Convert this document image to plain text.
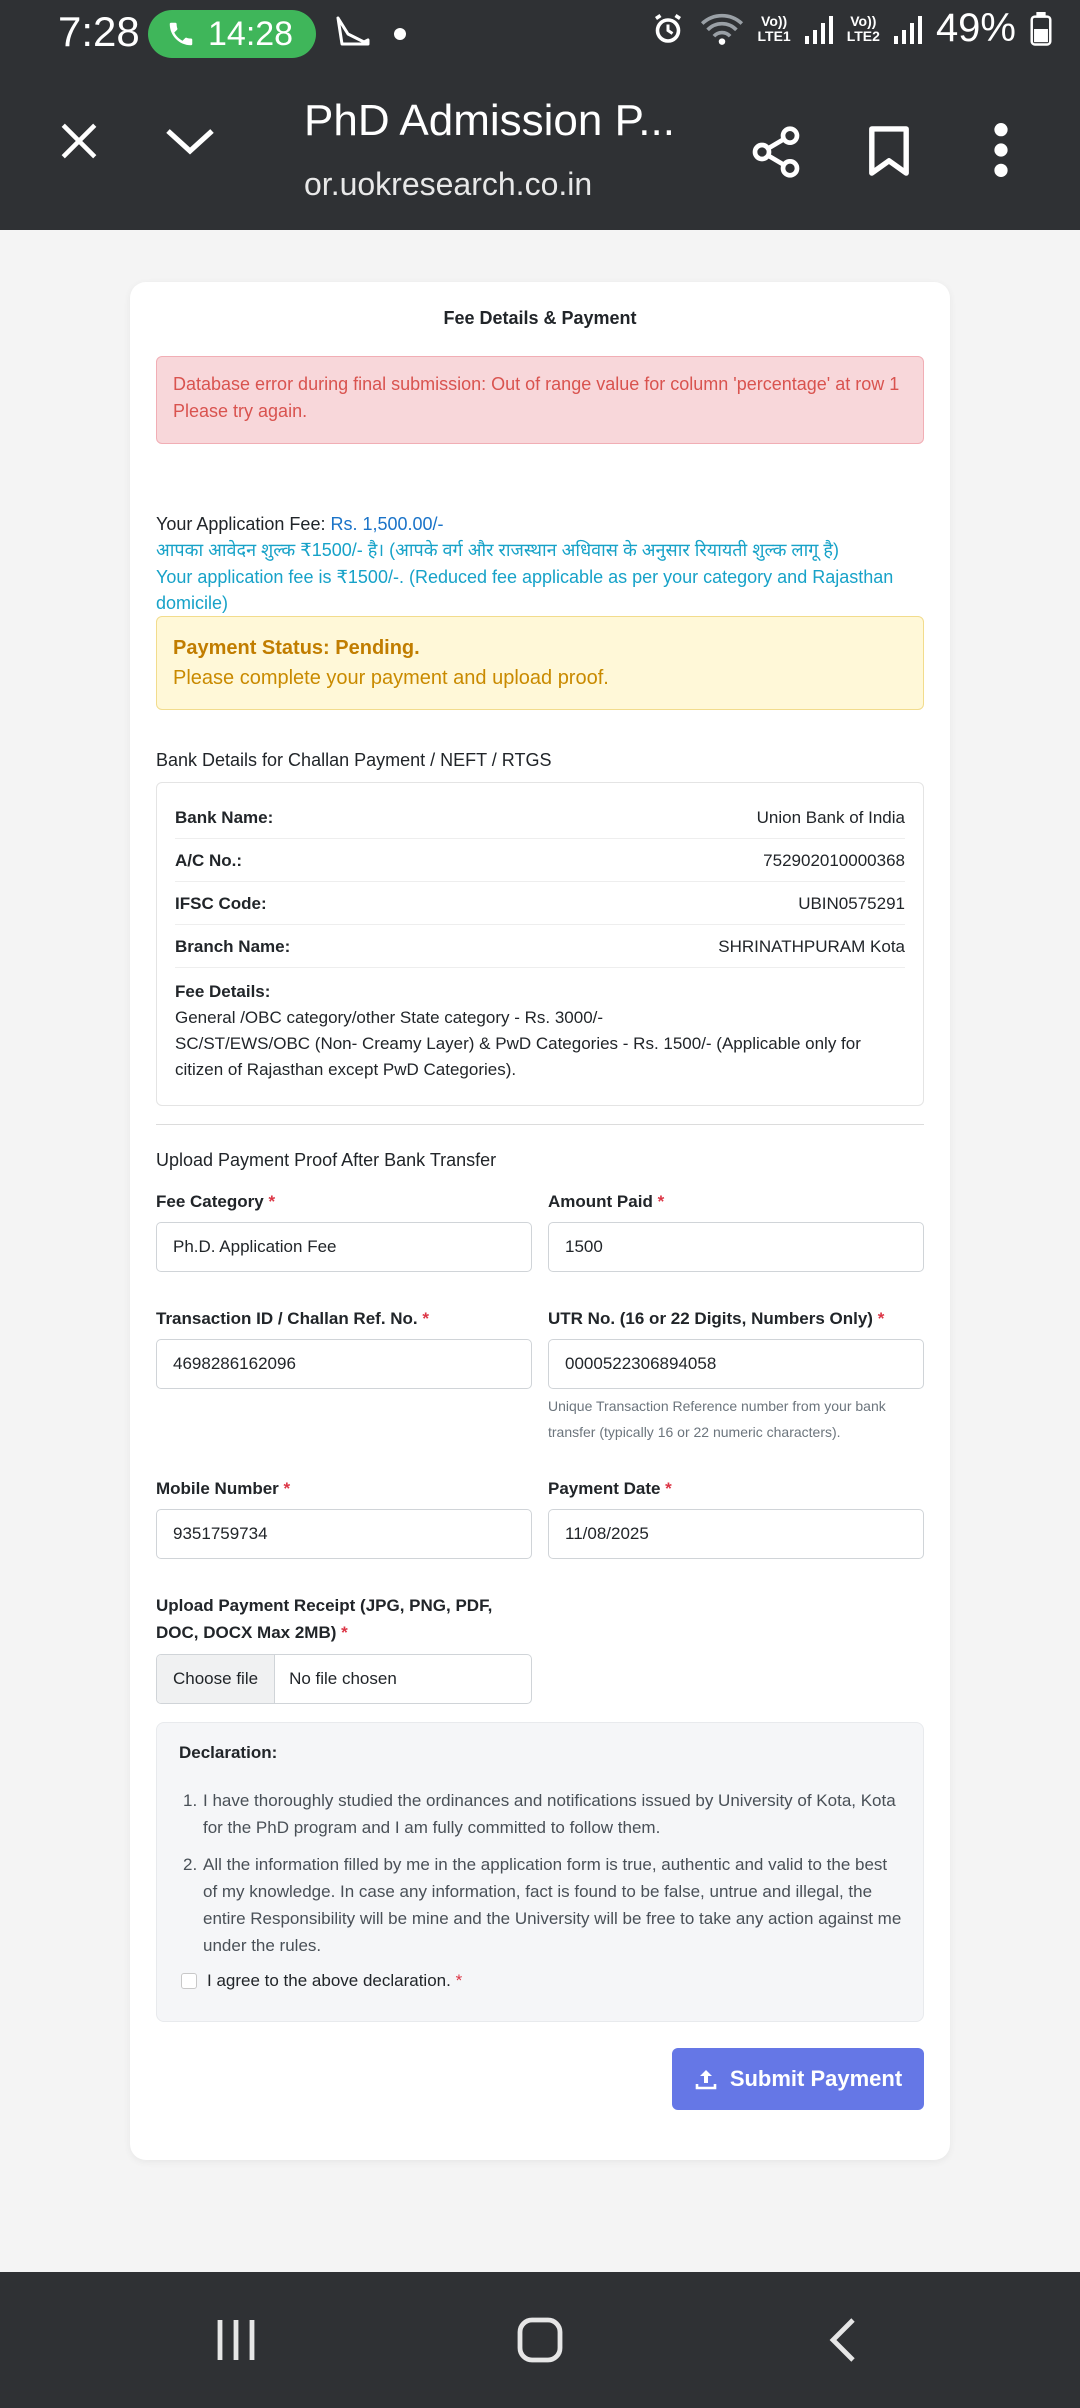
7:28 14:28	Vo))
LTE1
Vo))
LTE2 49%
PhD Admission P...
or.uokresearch.co.in
Fee Details & Payment
Database error during final submission: Out of range value for column 'percentage' at row 1 Please try again.
Your Application Fee: Rs. 1,500.00/-
आपका आवेदन शुल्क ₹1500/- है। (आपके वर्ग और राजस्थान अधिवास के अनुसार रियायती शुल्क लागू है)
Your application fee is ₹1500/-. (Reduced fee applicable as per your category and Rajasthan domicile)
Payment Status: Pending.
Please complete your payment and upload proof.
Bank Details for Challan Payment / NEFT / RTGS
Bank Name:	Union Bank of India
A/C No.:	752902010000368
IFSC Code:	UBIN0575291
Branch Name:	SHRINATHPURAM Kota
Fee Details:
General /OBC category/other State category - Rs. 3000/-
SC/ST/EWS/OBC (Non- Creamy Layer) & PwD Categories - Rs. 1500/- (Applicable only for citizen of Rajasthan except PwD Categories).
Upload Payment Proof After Bank Transfer
Fee Category *
Ph.D. Application Fee
Amount Paid *
1500
Transaction ID / Challan Ref. No. *
4698286162096
UTR No. (16 or 22 Digits, Numbers Only) *
0000522306894058
Unique Transaction Reference number from your bank transfer (typically 16 or 22 numeric characters).
Mobile Number *
9351759734
Payment Date *
11/08/2025
Upload Payment Receipt (JPG, PNG, PDF, DOC, DOCX Max 2MB) *
Choose file	No file chosen
Declaration:
1. I have thoroughly studied the ordinances and notifications issued by University of Kota, Kota for the PhD program and I am fully committed to follow them.
2. All the information filled by me in the application form is true, authentic and valid to the best of my knowledge. In case any information, fact is found to be false, untrue and illegal, the entire Responsibility will be mine and the University will be free to take any action against me under the rules.
I agree to the above declaration.
*
Submit Payment
